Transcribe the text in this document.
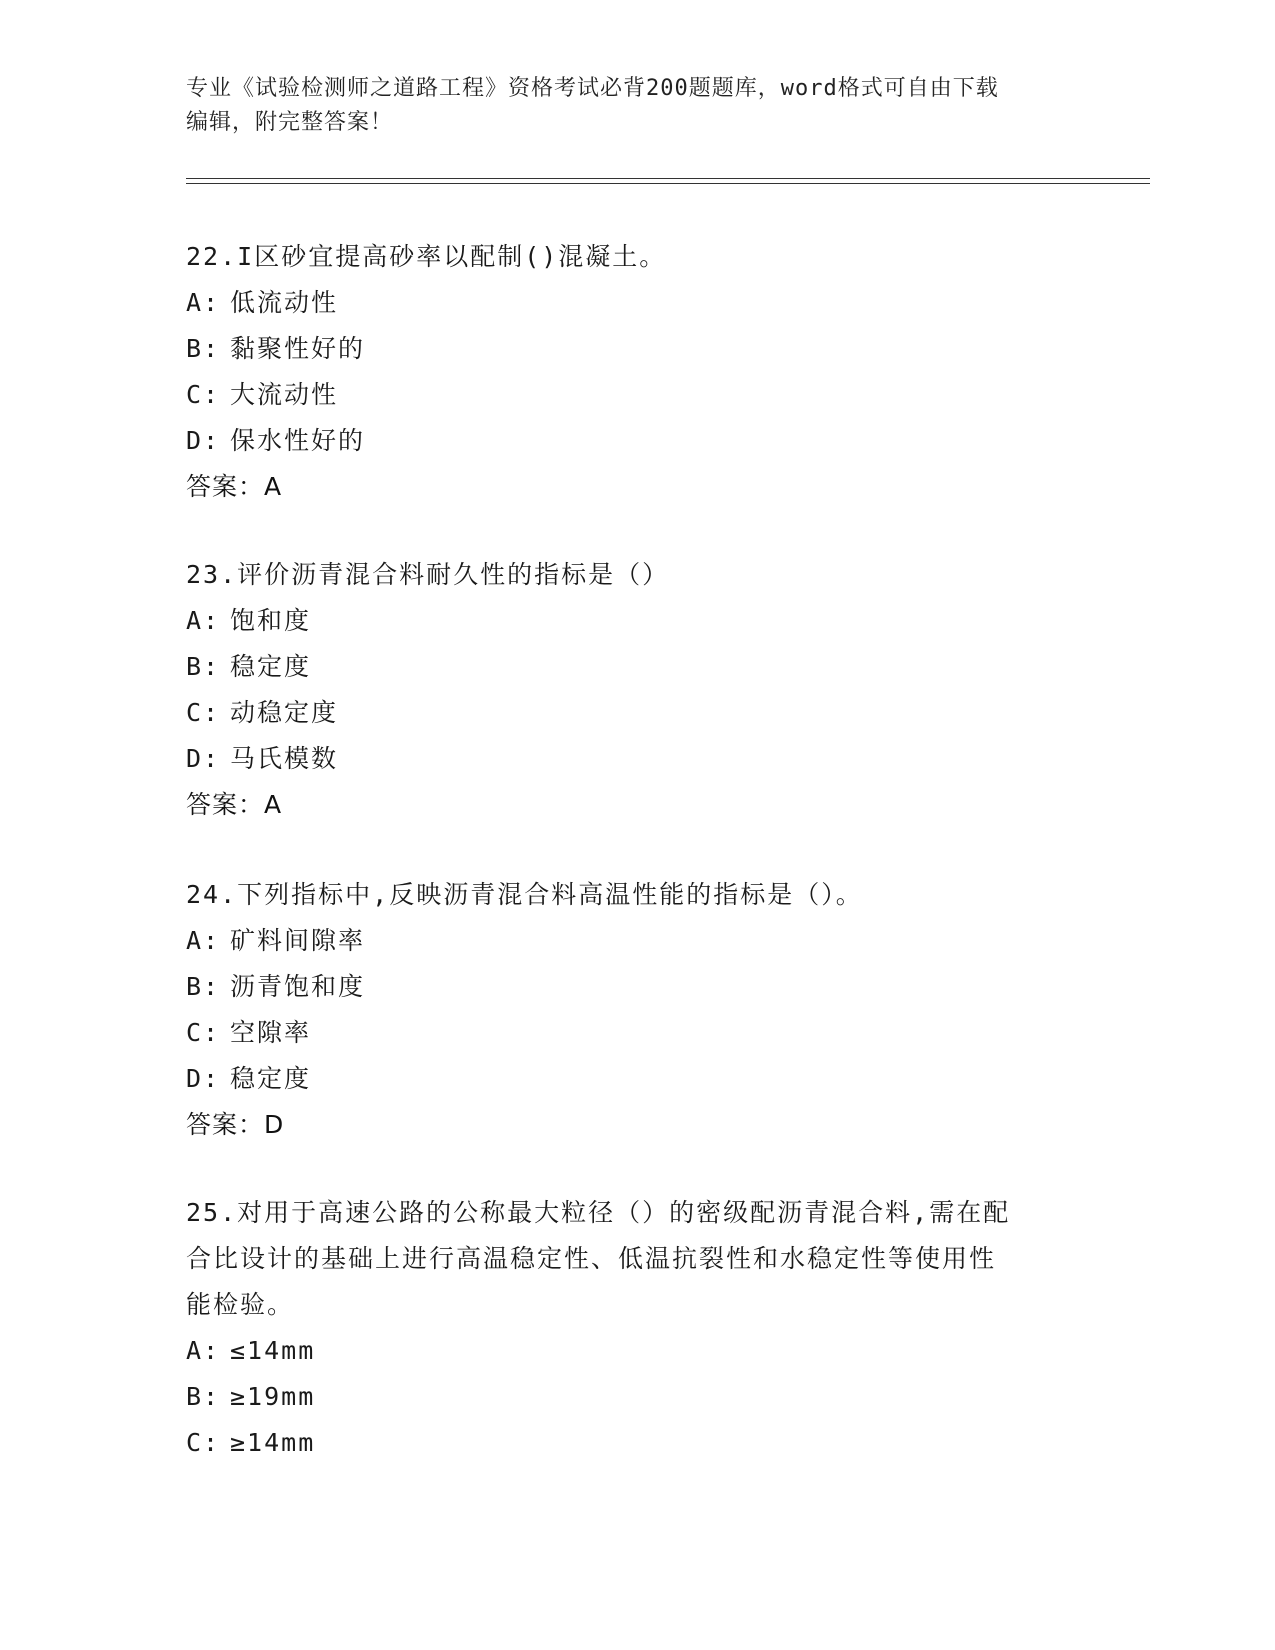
专业《试验检测师之道路工程》资格考试必背200题题库，word格式可自由下载
编辑，附完整答案！

22.I区砂宜提高砂率以配制()混凝土。

A: 低流动性

B: 黏聚性好的

C: 大流动性

D: 保水性好的

答案：A

23.评价沥青混合料耐久性的指标是（）

A: 饱和度

B: 稳定度

C: 动稳定度

D: 马氏模数

答案：A

24.下列指标中,反映沥青混合料高温性能的指标是（）。

A: 矿料间隙率

B: 沥青饱和度

C: 空隙率

D: 稳定度

答案：D

25.对用于高速公路的公称最大粒径（）的密级配沥青混合料,需在配

合比设计的基础上进行高温稳定性、低温抗裂性和水稳定性等使用性

能检验。

A: ≤14mm

B: ≥19mm

C: ≥14mm
